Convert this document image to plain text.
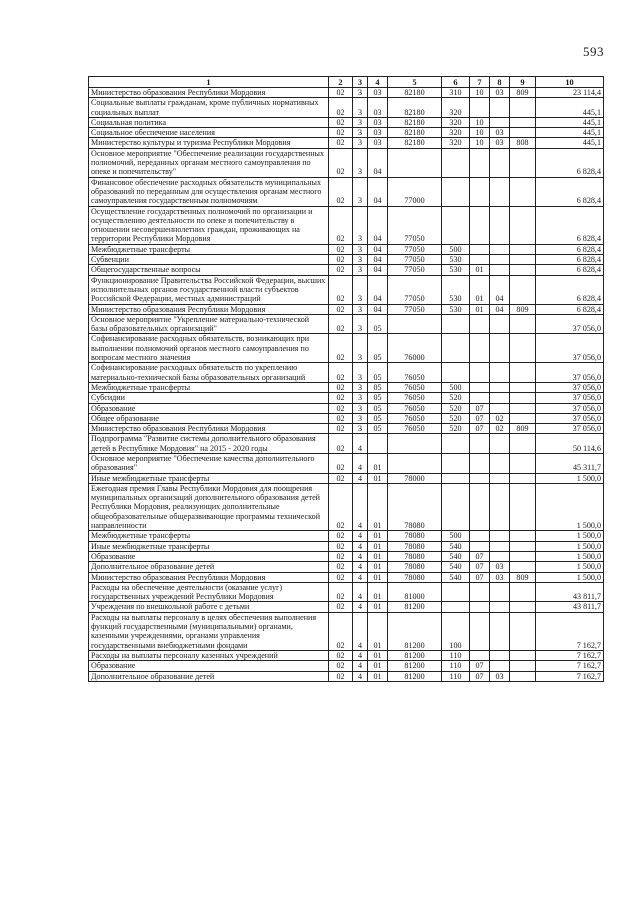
593
1	2	3	4	5	6	7	8	9	10
Министерство образования Республики Мордовия	02	3	03	82180	310	10	03	809	23 114,4
Социальные выплаты гражданам, кроме публичных нормативных социальных выплат	02	3	03	82180	320				445,1
Социальная политика	02	3	03	82180	320	10			445,1
Социальное обеспечение населения	02	3	03	82180	320	10	03		445,1
Министерство культуры и туризма Республики Мордовия	02	3	03	82180	320	10	03	808	445,1
Основное мероприятие "Обеспечение реализации государственных полномочий, переданных органам местного самоуправления по опеке и попечительству"	02	3	04						6 828,4
Финансовое обеспечение расходных обязательств муниципальных образований по переданным для осуществления органам местного самоуправления государственным полномочиям	02	3	04	77000					6 828,4
Осуществление государственных полномочий по организации и осуществлению деятельности по опеке и попечительству в отношении несовершеннолетних граждан, проживающих на территории Республики Мордовия	02	3	04	77050					6 828,4
Межбюджетные трансферты	02	3	04	77050	500				6 828,4
Субвенции	02	3	04	77050	530				6 828,4
Общегосударственные вопросы	02	3	04	77050	530	01			6 828,4
Функционирование Правительства Российской Федерации, высших исполнительных органов государственной власти субъектов Российской Федерации, местных администраций	02	3	04	77050	530	01	04		6 828,4
Министерство образования Республики Мордовия	02	3	04	77050	530	01	04	809	6 828,4
Основное мероприятие "Укрепление материально-технической базы образовательных организаций"	02	3	05						37 056,0
Софинансирование расходных обязательств, возникающих при выполнении полномочий органов местного самоуправления по вопросам местного значения	02	3	05	76000					37 056,0
Софинансирование расходных обязательств по укреплению материально-технической базы образовательных организаций	02	3	05	76050					37 056,0
Межбюджетные трансферты	02	3	05	76050	500				37 056,0
Субсидии	02	3	05	76050	520				37 056,0
Образование	02	3	05	76050	520	07			37 056,0
Общее образование	02	3	05	76050	520	07	02		37 056,0
Министерство образования Республики Мордовия	02	3	05	76050	520	07	02	809	37 056,0
Подпрограмма "Развитие системы дополнительного образования детей в Республике Мордовия" на 2015 - 2020 годы	02	4							50 114,6
Основное мероприятие "Обеспечение качества дополнительного образования"	02	4	01						45 311,7
Иные межбюджетные трансферты	02	4	01	78000					1 500,0
Ежегодная премия Главы Республики Мордовия для поощрения муниципальных организаций дополнительного образования детей Республики Мордовия, реализующих дополнительные общеобразовательные общеразвивающие программы технической направленности	02	4	01	78080					1 500,0
Межбюджетные трансферты	02	4	01	78080	500				1 500,0
Иные межбюджетные трансферты	02	4	01	78080	540				1 500,0
Образование	02	4	01	78080	540	07			1 500,0
Дополнительное образование детей	02	4	01	78080	540	07	03		1 500,0
Министерство образования Республики Мордовия	02	4	01	78080	540	07	03	809	1 500,0
Расходы на обеспечение деятельности (оказание услуг) государственных учреждений Республики Мордовия	02	4	01	81000					43 811,7
Учреждения по внешкольной работе с детьми	02	4	01	81200					43 811,7
Расходы на выплаты персоналу в целях обеспечения выполнения функций государственными (муниципальными) органами, казенными учреждениями, органами управления государственными внебюджетными фондами	02	4	01	81200	100				7 162,7
Расходы на выплаты персоналу казенных учреждений	02	4	01	81200	110				7 162,7
Образование	02	4	01	81200	110	07			7 162,7
Дополнительное образование детей	02	4	01	81200	110	07	03		7 162,7
